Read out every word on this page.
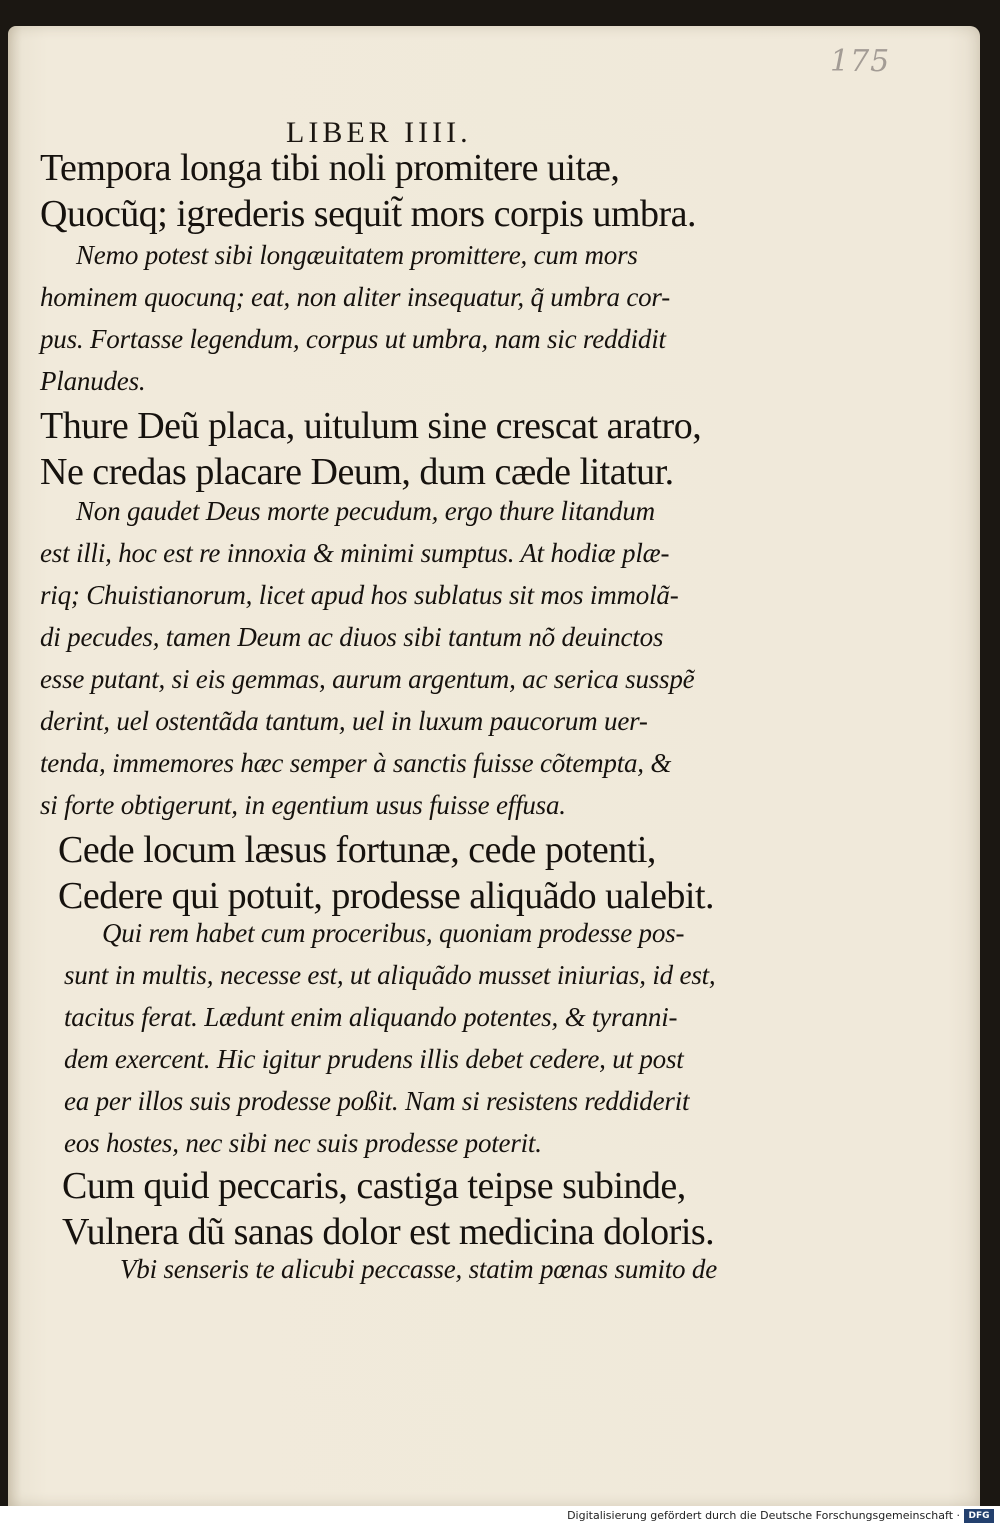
175
LIBER IIII.
Tempora longa tibi noli promitere uitæ,
Quocũq; igrederis sequit̃ mors corpis umbra.
Nemo potest sibi longæuitatem promittere, cum mors
hominem quocunq; eat, non aliter insequatur, q̃ umbra cor-
pus. Fortasse legendum, corpus ut umbra, nam sic reddidit
Planudes.
Thure Deũ placa, uitulum sine crescat aratro,
Ne credas placare Deum, dum cæde litatur.
Non gaudet Deus morte pecudum, ergo thure litandum
est illi, hoc est re innoxia & minimi sumptus. At hodiæ plæ-
riq; Chuistianorum, licet apud hos sublatus sit mos immolã-
di pecudes, tamen Deum ac diuos sibi tantum nõ deuinctos
esse putant, si eis gemmas, aurum argentum, ac serica susspẽ
derint, uel ostentãda tantum, uel in luxum paucorum uer-
tenda, immemores hæc semper à sanctis fuisse cõtempta, &
si forte obtigerunt, in egentium usus fuisse effusa.
Cede locum læsus fortunæ, cede potenti,
Cedere qui potuit, prodesse aliquãdo ualebit.
Qui rem habet cum proceribus, quoniam prodesse pos-
sunt in multis, necesse est, ut aliquãdo musset iniurias, id est,
tacitus ferat. Lædunt enim aliquando potentes, & tyranni-
dem exercent. Hic igitur prudens illis debet cedere, ut post
ea per illos suis prodesse poßit. Nam si resistens reddiderit
eos hostes, nec sibi nec suis prodesse poterit.
Cum quid peccaris, castiga teipse subinde,
Vulnera dũ sanas dolor est medicina doloris.
Vbi senseris te alicubi peccasse, statim pœnas sumito de
Digitalisierung gefördert durch die Deutsche Forschungsgemeinschaft · DFG
